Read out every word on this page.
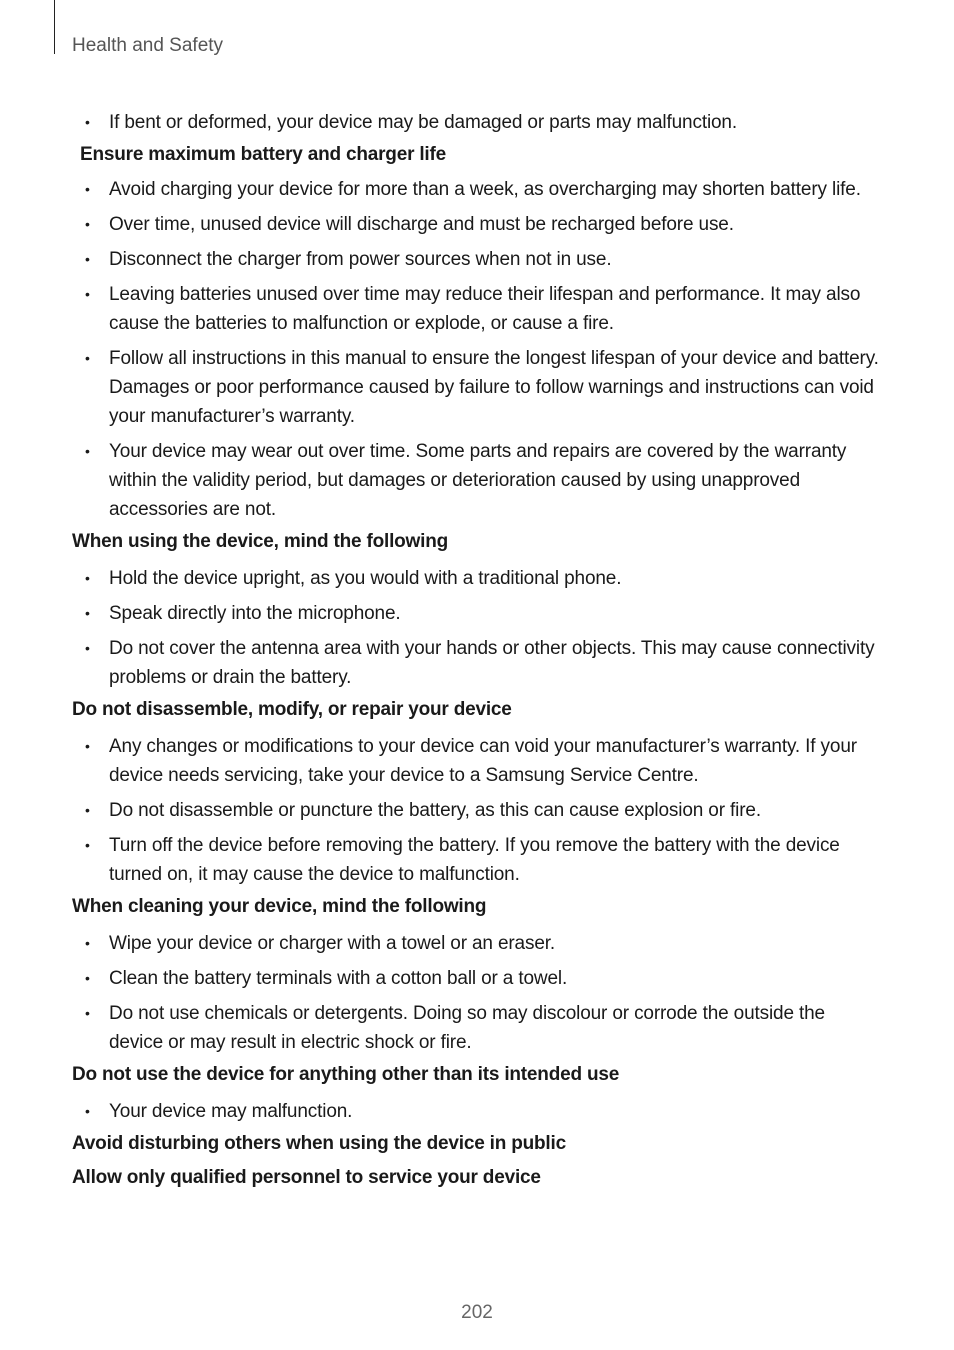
Health and Safety
• If bent or deformed, your device may be damaged or parts may malfunction.
Ensure maximum battery and charger life
• Avoid charging your device for more than a week, as overcharging may shorten battery life.
• Over time, unused device will discharge and must be recharged before use.
• Disconnect the charger from power sources when not in use.
• Leaving batteries unused over time may reduce their lifespan and performance. It may also cause the batteries to malfunction or explode, or cause a fire.
• Follow all instructions in this manual to ensure the longest lifespan of your device and battery. Damages or poor performance caused by failure to follow warnings and instructions can void your manufacturer’s warranty.
• Your device may wear out over time. Some parts and repairs are covered by the warranty within the validity period, but damages or deterioration caused by using unapproved accessories are not.
When using the device, mind the following
• Hold the device upright, as you would with a traditional phone.
• Speak directly into the microphone.
• Do not cover the antenna area with your hands or other objects. This may cause connectivity problems or drain the battery.
Do not disassemble, modify, or repair your device
• Any changes or modifications to your device can void your manufacturer’s warranty. If your device needs servicing, take your device to a Samsung Service Centre.
• Do not disassemble or puncture the battery, as this can cause explosion or fire.
• Turn off the device before removing the battery. If you remove the battery with the device turned on, it may cause the device to malfunction.
When cleaning your device, mind the following
• Wipe your device or charger with a towel or an eraser.
• Clean the battery terminals with a cotton ball or a towel.
• Do not use chemicals or detergents. Doing so may discolour or corrode the outside the device or may result in electric shock or fire.
Do not use the device for anything other than its intended use
• Your device may malfunction.
Avoid disturbing others when using the device in public
Allow only qualified personnel to service your device
202
